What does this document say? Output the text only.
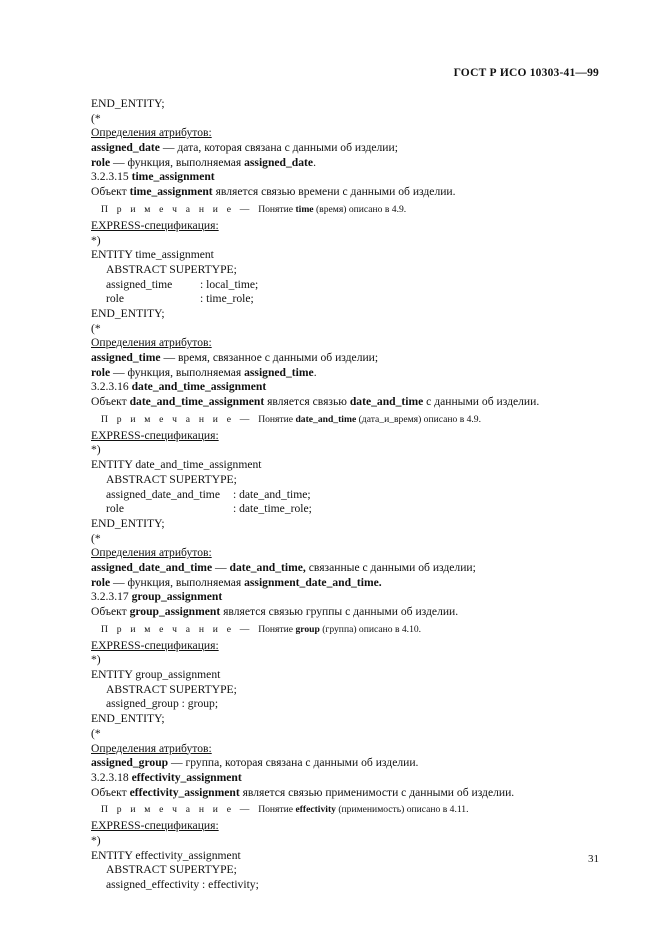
ГОСТ Р ИСО 10303-41—99
END_ENTITY;
(*
Определения атрибутов:
assigned_date — дата, которая связана с данными об изделии;
role — функция, выполняемая assigned_date.
3.2.3.15 time_assignment
Объект time_assignment является связью времени с данными об изделии.
П р и м е ч а н и е — Понятие time (время) описано в 4.9.
EXPRESS-спецификация:
*)
ENTITY time_assignment
ABSTRACT SUPERTYPE;
assigned_time : local_time;
role	: time_role;
END_ENTITY;
(*
Определения атрибутов:
assigned_time — время, связанное с данными об изделии;
role — функция, выполняемая assigned_time.
3.2.3.16 date_and_time_assignment
Объект date_and_time_assignment является связью date_and_time с данными об изделии.
П р и м е ч а н и е — Понятие date_and_time (дата_и_время) описано в 4.9.
EXPRESS-спецификация:
*)
ENTITY date_and_time_assignment
ABSTRACT SUPERTYPE;
assigned_date_and_time : date_and_time;
role	: date_time_role;
END_ENTITY;
(*
Определения атрибутов:
assigned_date_and_time — date_and_time, связанные с данными об изделии;
role — функция, выполняемая assignment_date_and_time.
3.2.3.17 group_assignment
Объект group_assignment является связью группы с данными об изделии.
П р и м е ч а н и е — Понятие group (группа) описано в 4.10.
EXPRESS-спецификация:
*)
ENTITY group_assignment
ABSTRACT SUPERTYPE;
assigned_group : group;
END_ENTITY;
(*
Определения атрибутов:
assigned_group — группа, которая связана с данными об изделии.
3.2.3.18 effectivity_assignment
Объект effectivity_assignment является связью применимости с данными об изделии.
П р и м е ч а н и е — Понятие effectivity (применимость) описано в 4.11.
EXPRESS-спецификация:
*)
ENTITY effectivity_assignment
ABSTRACT SUPERTYPE;
assigned_effectivity : effectivity;
31
